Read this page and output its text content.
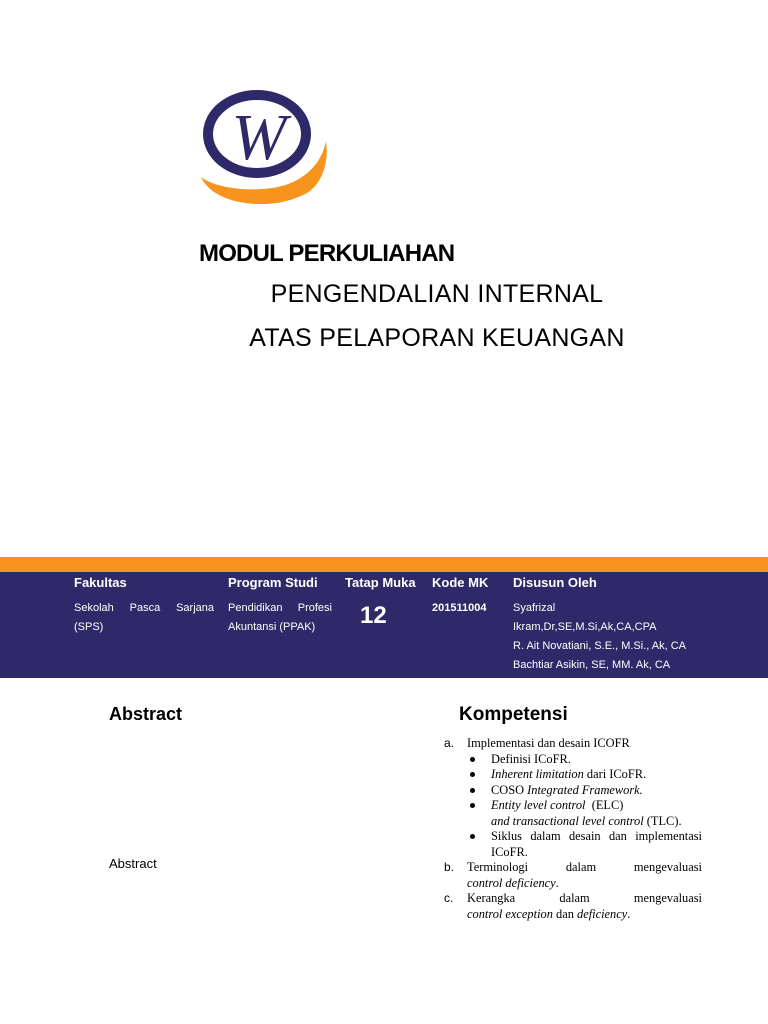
W
MODUL PERKULIAHAN
PENGENDALIAN INTERNAL
ATAS PELAPORAN KEUANGAN
Fakultas
Sekolah Pasca Sarjana (SPS)
Program Studi
Pendidikan Profesi Akuntansi (PPAK)
Tatap Muka
12
Kode MK
201511004
Disusun Oleh
Syafrizal
Ikram,Dr,SE,M.Si,Ak,CA,CPA
R. Ait Novatiani, S.E., M.Si., Ak, CA
Bachtiar Asikin, SE, MM. Ak, CA
Abstract
Abstract
Kompetensi
a. Implementasi dan desain ICOFR
Definisi ICoFR.
Inherent limitation dari ICoFR.
COSO Integrated Framework.
Entity level control  (ELC)
and transactional level control (TLC).
Siklus dalam desain dan implementasi ICoFR.
b. Terminologi dalam mengevaluasi
control deficiency.
c. Kerangka dalam mengevaluasi
control exception dan deficiency.
